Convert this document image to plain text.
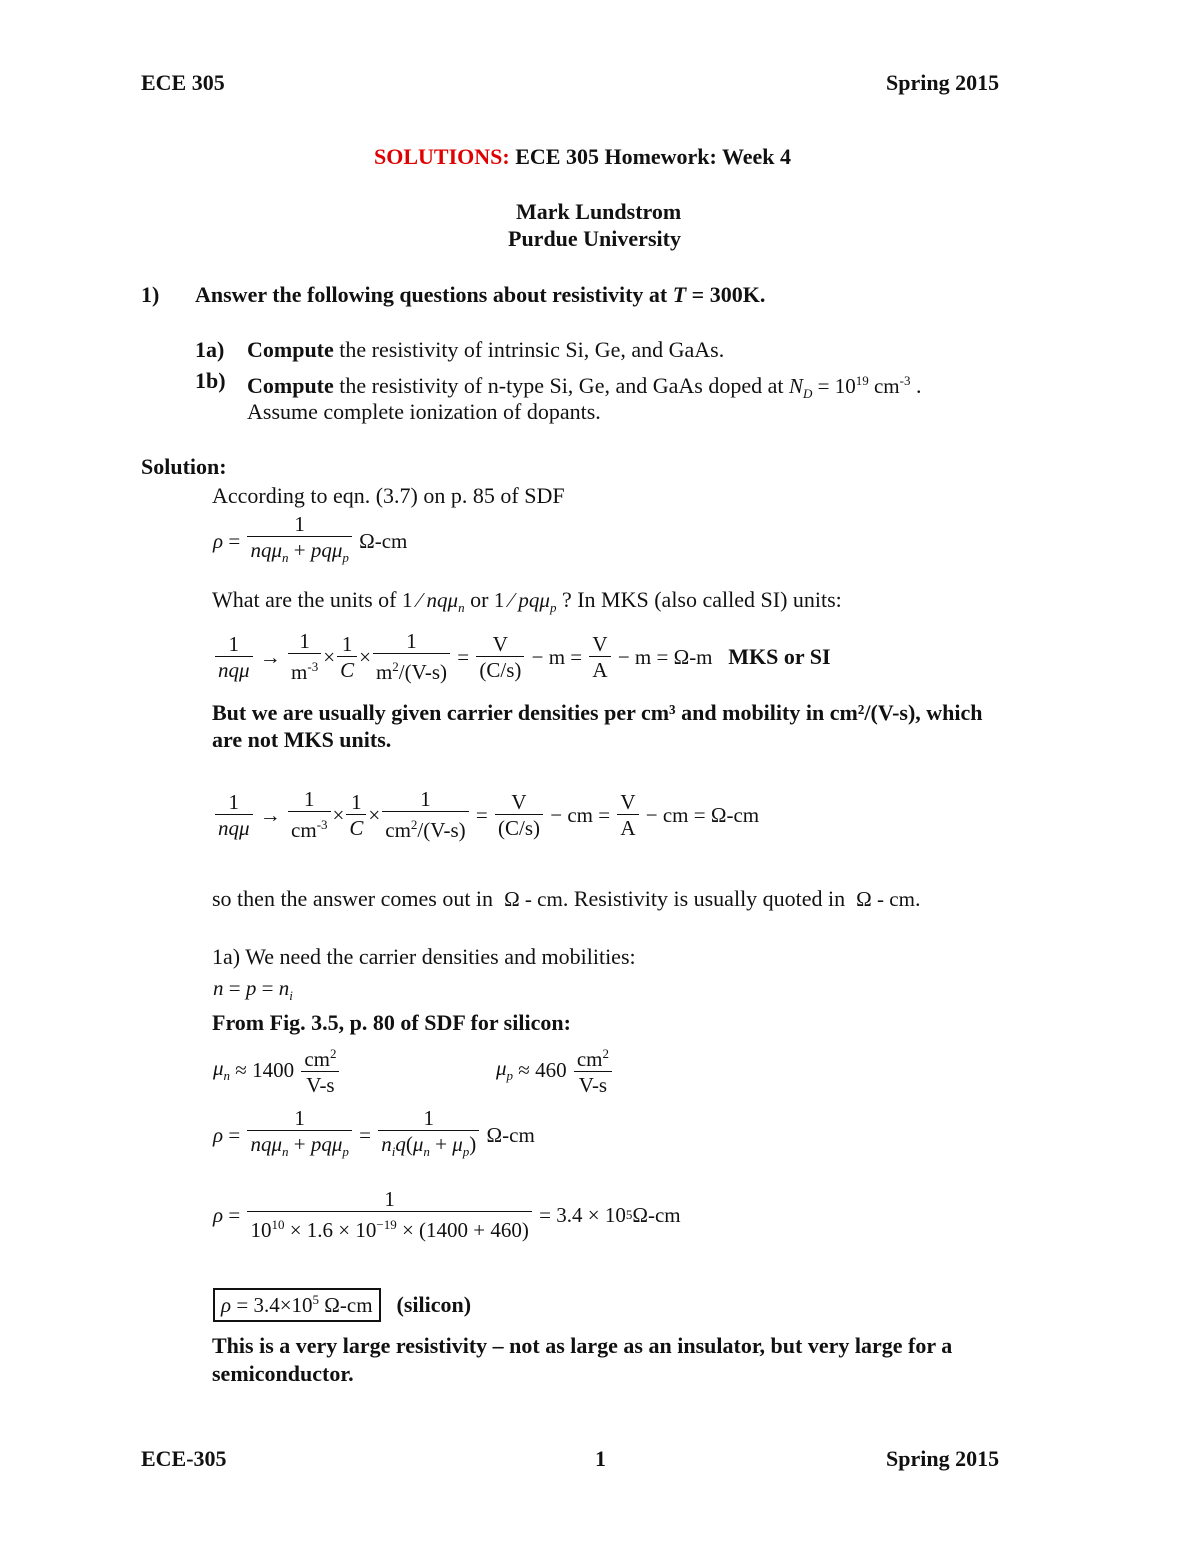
ECE 305	Spring 2015
SOLUTIONS: ECE 305 Homework: Week 4
Mark Lundstrom
Purdue University
1) Answer the following questions about resistivity at T = 300K.
1a) Compute the resistivity of intrinsic Si, Ge, and GaAs.
1b) Compute the resistivity of n-type Si, Ge, and GaAs doped at $N_D = 10^{19}$ $cm^{-3}$ .
Assume complete ionization of dopants.
Solution:
According to eqn. (3.7) on p. 85 of SDF
$\rho = \frac{1}{nq\mu_n + pq\mu_p} \Omega-cm$
What are the units of 1 ⁄ nqμ$_n$ or 1 ⁄ pqμ$_p$ ? In MKS (also called SI) units:
$\frac{1}{\text{nqμ}} \to \frac{1}{m^{-3}} \times \frac{1}{C} \times \frac{1}{m^2/(V-s)} = \frac{V}{(C/s)} - m = \frac{V}{A} - m = \Omega-m$ MKS or SI
But we are usually given carrier densities per cm³ and mobility in cm²/(V-s), which
are not MKS units.
$\frac{1}{\text{nqμ}} \to \frac{1}{cm^{-3}} \times \frac{1}{C} \times \frac{1}{cm^2/(V-s)} = \frac{V}{(C/s)}$ − cm = $\frac{V}{A}$ − cm = Ω-cm
so then the answer comes out in  Ω - cm. Resistivity is usually quoted in  Ω - cm.
1a) We need the carrier densities and mobilities:
$n = p = n_i$
From Fig. 3.5, p. 80 of SDF for silicon:
$\mu_n \approx 1400$
$\frac{cm^2}{V-s}$	$\mu_p \approx 460$
$\frac{cm^2}{V-s}$
$\rho = \frac{1}{nq\mu_n + pq\mu_p} = \frac{1}{n_iq(\mu_n + \mu_p)} \Omega-cm$
$\rho = \frac{1}{10^{10} \times 1.6 \times 10^{-19} \times (1400 + 460)} = 3.4 \times 10$ 5 Ω-cm
$\rho = 3.4\times 10^5$ Ω-cm	(silicon)
This is a very large resistivity – not as large as an insulator, but very large for a
semiconductor.
ECE-305	1	Spring 2015
